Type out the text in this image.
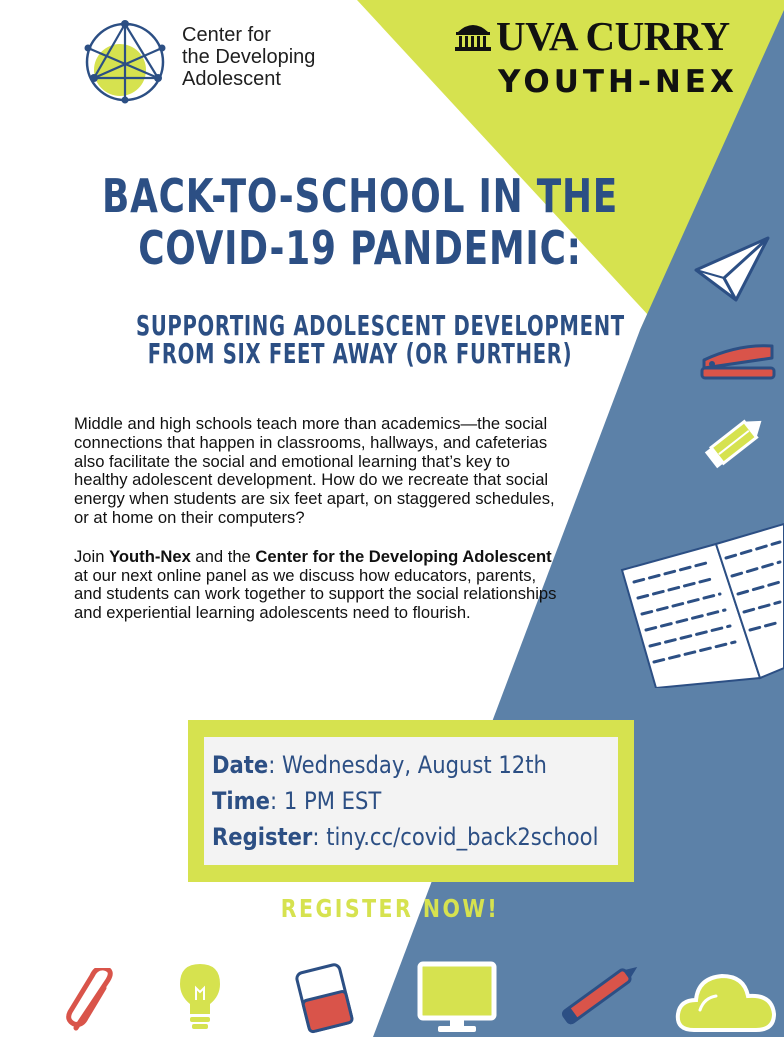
Center for
the Developing
Adolescent
UVA CURRY
YOUTH-NEX
BACK-TO-SCHOOL IN THE
COVID-19 PANDEMIC:
SUPPORTING ADOLESCENT DEVELOPMENT
FROM SIX FEET AWAY (OR FURTHER)

Middle and high schools teach more than academics—the social connections that happen in classrooms, hallways, and cafeterias also facilitate the social and emotional learning that’s key to healthy adolescent development. How do we recreate that social energy when students are six feet apart, on staggered schedules, or at home on their computers?

Join Youth-Nex and the Center for the Developing Adolescent at our next online panel as we discuss how educators, parents, and students can work together to support the social relationships and experiential learning adolescents need to flourish.

Date: Wednesday, August 12th
Time: 1 PM EST
Register: tiny.cc/covid_back2school
REGISTER NOW!
